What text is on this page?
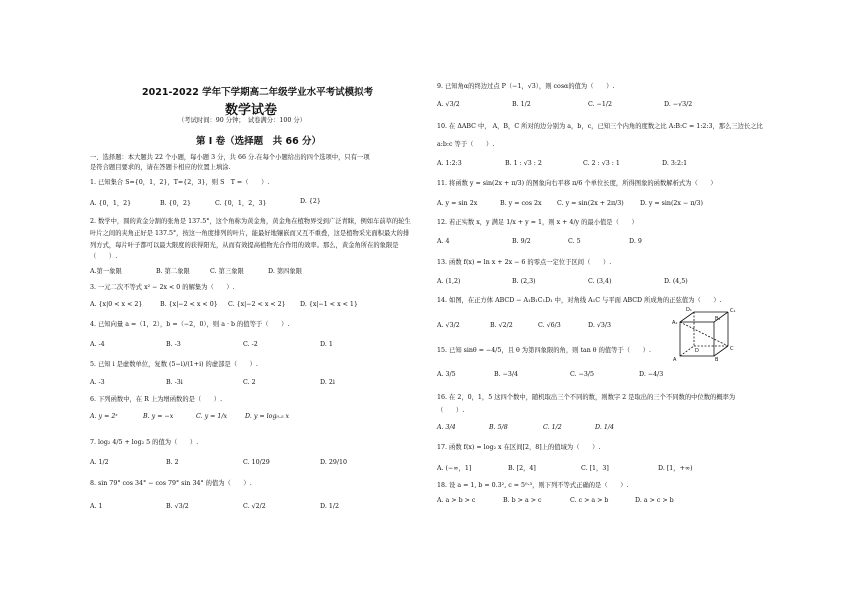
2021-2022 学年下学期高二年级学业水平考试模拟考
数学试卷
（考试时间：90 分钟；　试卷满分：100 分）
第 Ⅰ 卷（选择题　共 66 分）
一、选择题：本大题共 22 个小题，每小题 3 分，共 66 分.在每个小题给出的四个选项中，只有一项
是符合题目要求的，请在答题卡相应的位置上填涂.
1. 已知集合 S={0，1，2}，T={2，3}，则 S　T =（　　）.
A. {0，1，2}	B. {0，2}	C. {0，1，2，3}	D. {2}
2. 数学中，圆的黄金分割的张角是 137.5°，这个角称为黄金角，黄金角在植物界受到广泛青睐，例如车前草的轮生
叶片之间的夹角正好是 137.5°，按这一角度排列的叶片，能最好地镶嵌而又互不重叠，这是植物采光面积最大的排
列方式，每片叶子都可以最大限度的获得阳光，从而有效提高植物光合作用的效率。那么，黄金角所在的象限是
（　　）.
A.第一象限	B. 第二象限	C. 第三象限	D. 第四象限
3. 一元二次不等式 x² − 2x < 0 的解集为（　　）.
A. {x|0 < x < 2}	B. {x|−2 < x < 0} C. {x|−2 < x < 2} D. {x|−1 < x < 1}
4. 已知向量 a =（1，2），b =（−2，0），则 a · b 的值等于（　　）.
A. -4	B. -3	C. -2	D. 1
5. 已知 i 是虚数单位，复数 (5−i)/(1+i) 的虚部是（　　）.
A. -3	B. -3i	C. 2	D. 2i
6. 下列函数中，在 R 上为增函数的是（　　）.
A. y = 2ˣ	B. y = −x	C. y = 1/x	D. y = log₀.₅ x
7. log₂ 4/5 + log₂ 5 的值为（　　）.
A. 1/2	B. 2	C. 10/29	D. 29/10
8. sin 79° cos 34° − cos 79° sin 34° 的值为（　　）.
A. 1	B. √3/2	C. √2/2	D. 1/2
9. 已知角α的终边过点 P（−1，√3），则 cosα的值为（　　）.
A. √3/2	B. 1/2	C. −1/2	D. −√3/2
10. 在 ΔABC 中， A，B，C 所对的边分别为 a，b，c，已知三个内角的度数之比 A:B:C = 1:2:3，那么三边长之比
a:b:c 等于（　　）.
A. 1:2:3	B. 1 : √3 : 2	C. 2 : √3 : 1	D. 3:2:1
11. 将函数 y = sin(2x + π/3) 的图象向右平移 π/6 个单位长度，所得图象的函数解析式为（　　）
A. y = sin 2x	B. y = cos 2x C. y = sin(2x + 2π/3)	D. y = sin(2x − π/3)
12. 若正实数 x，y 满足 1/x + y = 1，则 x + 4/y 的最小值是（　　）
A. 4	B. 9/2	C. 5	D. 9
13. 函数 f(x) = ln x + 2x − 6 的零点一定位于区间（　　）.
A. (1,2)	B. (2,3)	C. (3,4)	D. (4,5)
14. 如图，在正方体 ABCD − A₁B₁C₁D₁ 中，对角线 A₁C 与平面 ABCD 所成角的正弦值为（　　）.
A. √3/2	B. √2/2	C. √6/3	D. √3/3	A₁
D₁	C₁
B₁
A	B
C
D
15. 已知 sinθ = −4/5，且 θ 为第四象限的角，则 tan θ 的值等于（　　）.
A. 3/5	B. −3/4	C. −3/5	D. −4/3
16. 在 2，0，1，5 这四个数中，随机取出三个不同的数，则数字 2 是取出的三个不同数的中位数的概率为
（　　）.
A. 3/4	B. 5/8	C. 1/2	D. 1/4
17. 函数 f(x) = log₂ x 在区间[2，8]上的值域为（　　）.
A. (−∞，1]	B. [2，4]	C. [1，3]	D. [1，+∞)
18. 设 a = 1, b = 0.3², c = 5⁰·³，则下列不等式正确的是（　　）.
A. a > b > c	B. b > a > c	C. c > a > b	D. a > c > b
